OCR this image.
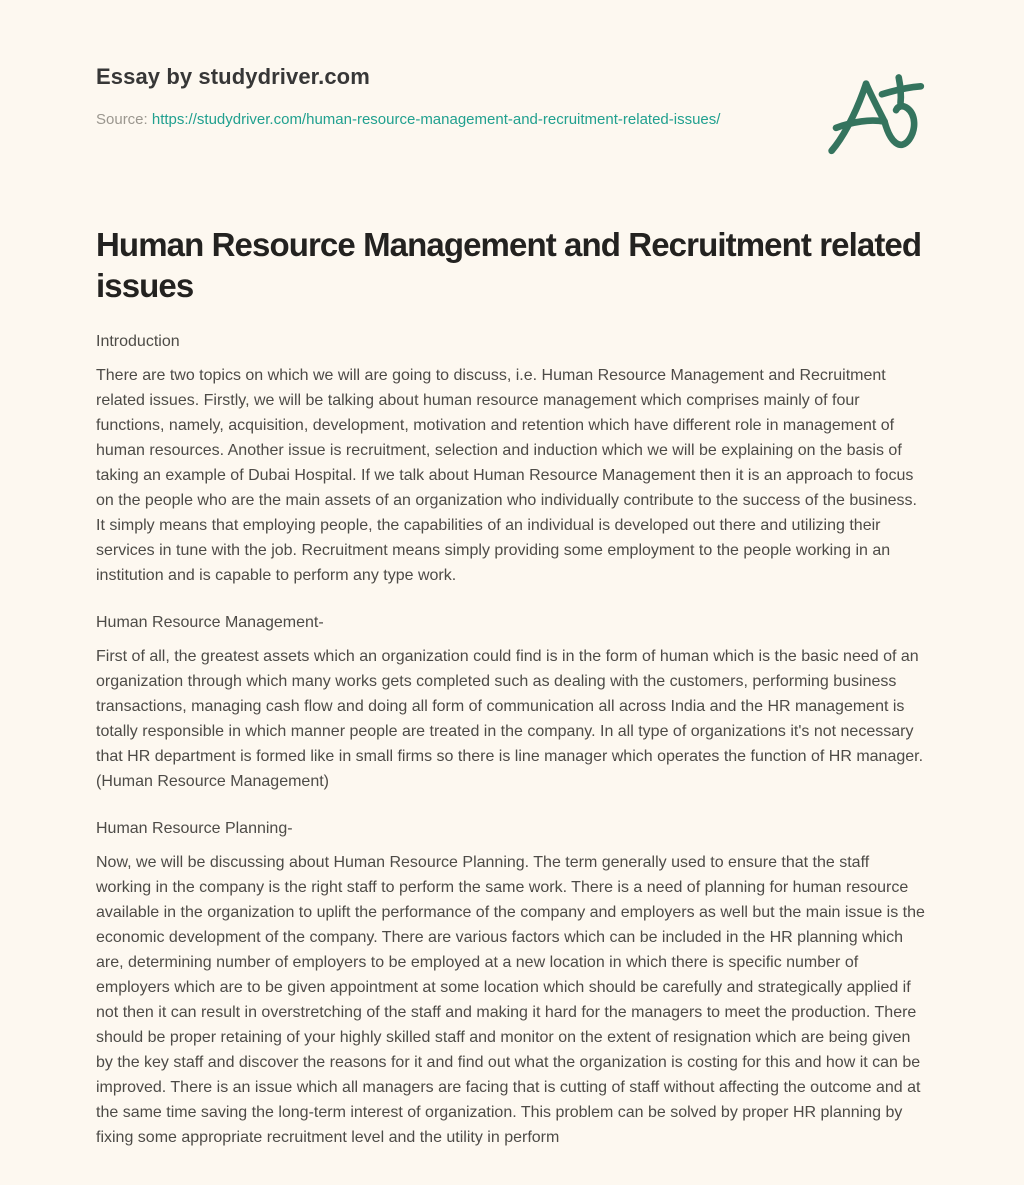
Essay by studydriver.com
Source: https://studydriver.com/human-resource-management-and-recruitment-related-issues/
Human Resource Management and Recruitment related issues
Introduction

There are two topics on which we will are going to discuss, i.e. Human Resource Management and Recruitment related issues. Firstly, we will be talking about human resource management which comprises mainly of four functions, namely, acquisition, development, motivation and retention which have different role in management of human resources. Another issue is recruitment, selection and induction which we will be explaining on the basis of taking an example of Dubai Hospital. If we talk about Human Resource Management then it is an approach to focus on the people who are the main assets of an organization who individually contribute to the success of the business. It simply means that employing people, the capabilities of an individual is developed out there and utilizing their services in tune with the job. Recruitment means simply providing some employment to the people working in an institution and is capable to perform any type work.

Human Resource Management-

First of all, the greatest assets which an organization could find is in the form of human which is the basic need of an organization through which many works gets completed such as dealing with the customers, performing business transactions, managing cash flow and doing all form of communication all across India and the HR management is totally responsible in which manner people are treated in the company. In all type of organizations it's not necessary that HR department is formed like in small firms so there is line manager which operates the function of HR manager. (Human Resource Management)

Human Resource Planning-

Now, we will be discussing about Human Resource Planning. The term generally used to ensure that the staff working in the company is the right staff to perform the same work. There is a need of planning for human resource available in the organization to uplift the performance of the company and employers as well but the main issue is the economic development of the company. There are various factors which can be included in the HR planning which are, determining number of employers to be employed at a new location in which there is specific number of employers which are to be given appointment at some location which should be carefully and strategically applied if not then it can result in overstretching of the staff and making it hard for the managers to meet the production. There should be proper retaining of your highly skilled staff and monitor on the extent of resignation which are being given by the key staff and discover the reasons for it and find out what the organization is costing for this and how it can be improved. There is an issue which all managers are facing that is cutting of staff without affecting the outcome and at the same time saving the long-term interest of organization. This problem can be solved by proper HR planning by fixing some appropriate recruitment level and the utility in perform
